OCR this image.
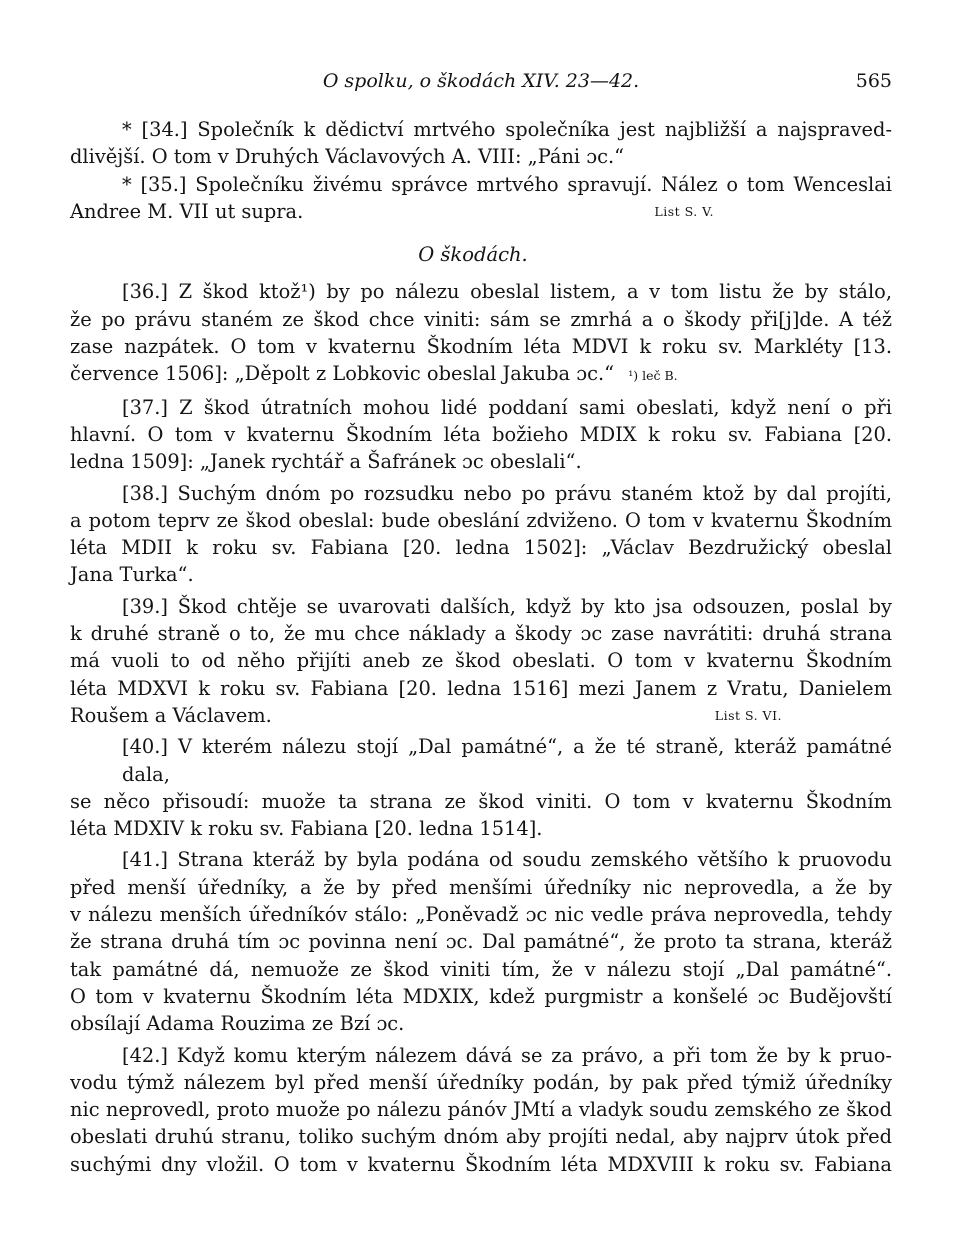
O spolku, o škodách XIV. 23—42.	565
* [34.] Společník k dědictví mrtvého společníka jest najbližší a najspraved-
dlivější. O tom v Druhých Václavových A. VIII: „Páni ɔc.“
* [35.] Společníku živému správce mrtvého spravují. Nález o tom Wenceslai
Andree M. VII ut supra.	List S. V.
O škodách.
[36.] Z škod ktož¹) by po nálezu obeslal listem, a v tom listu že by stálo,
že po právu staném ze škod chce viniti: sám se zmrhá a o škody při[j]de. A též
zase nazpátek. O tom v kvaternu Škodním léta MDVI k roku sv. Markléty [13.
července 1506]: „Děpolt z Lobkovic obeslal Jakuba ɔc.“ ¹) leč B.
[37.] Z škod útratních mohou lidé poddaní sami obeslati, když není o při
hlavní. O tom v kvaternu Škodním léta božieho MDIX k roku sv. Fabiana [20.
ledna 1509]: „Janek rychtář a Šafránek ɔc obeslali“.
[38.] Suchým dnóm po rozsudku nebo po právu staném ktož by dal projíti,
a potom teprv ze škod obeslal: bude obeslání zdviženo. O tom v kvaternu Škodním
léta MDII k roku sv. Fabiana [20. ledna 1502]: „Václav Bezdružický obeslal
Jana Turka“.
[39.] Škod chtěje se uvarovati dalších, když by kto jsa odsouzen, poslal by
k druhé straně o to, že mu chce náklady a škody ɔc zase navrátiti: druhá strana
má vuoli to od něho přijíti aneb ze škod obeslati. O tom v kvaternu Škodním
léta MDXVI k roku sv. Fabiana [20. ledna 1516] mezi Janem z Vratu, Danielem
Roušem a Václavem.	List S. VI.
[40.] V kterém nálezu stojí „Dal památné“, a že té straně, kteráž památné dala,
se něco přisoudí: muože ta strana ze škod viniti. O tom v kvaternu Škodním
léta MDXIV k roku sv. Fabiana [20. ledna 1514].
[41.] Strana kteráž by byla podána od soudu zemského většího k pruovodu
před menší úředníky, a že by před menšími úředníky nic neprovedla, a že by
v nálezu menších úředníkóv stálo: „Poněvadž ɔc nic vedle práva neprovedla, tehdy
že strana druhá tím ɔc povinna není ɔc. Dal památné“, že proto ta strana, kteráž
tak památné dá, nemuože ze škod viniti tím, že v nálezu stojí „Dal památné“.
O tom v kvaternu Škodním léta MDXIX, kdež purgmistr a konšelé ɔc Budějovští
obsílají Adama Rouzima ze Bzí ɔc.
[42.] Když komu kterým nálezem dává se za právo, a při tom že by k pruo-
vodu týmž nálezem byl před menší úředníky podán, by pak před týmiž úředníky
nic neprovedl, proto muože po nálezu pánóv JMtí a vladyk soudu zemského ze škod
obeslati druhú stranu, toliko suchým dnóm aby projíti nedal, aby najprv útok před
suchými dny vložil. O tom v kvaternu Škodním léta MDXVIII k roku sv. Fabiana
